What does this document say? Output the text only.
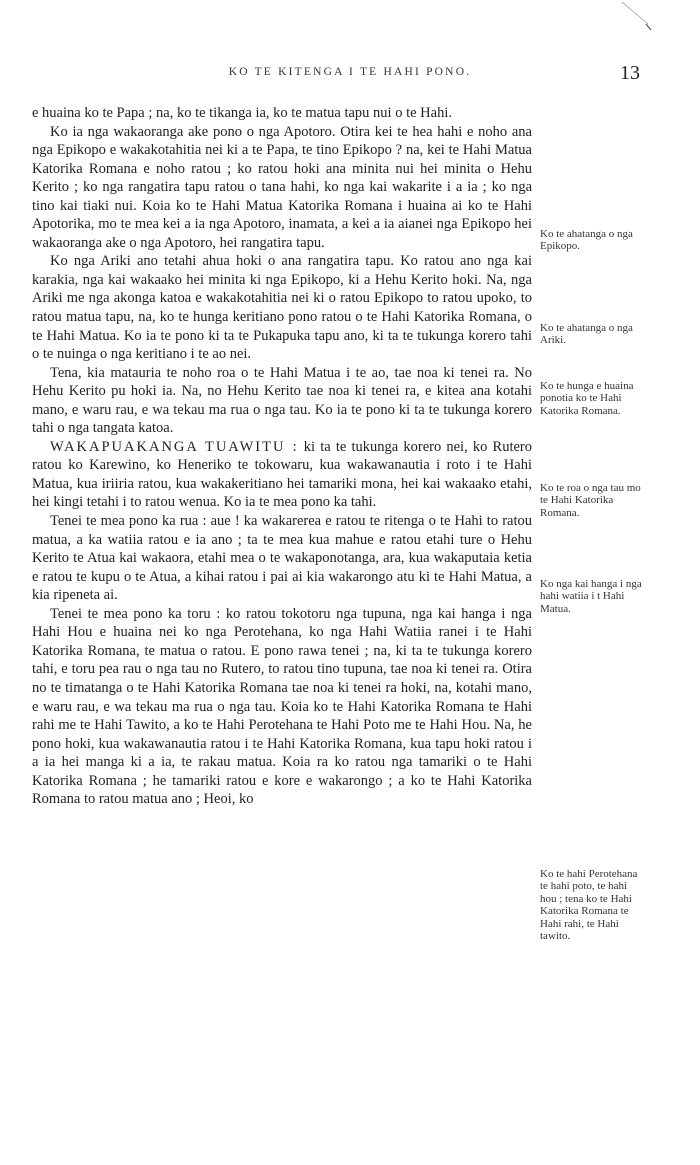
KO TE KITENGA I TE HAHI PONO.	13

e huaina ko te Papa ; na, ko te tikanga ia, ko te matua tapu nui o te Hahi.

Ko ia nga wakaoranga ake pono o nga Apotoro. Otira kei te hea hahi e noho ana nga Epikopo e wakakotahitia nei ki a te Papa, te tino Epikopo ? na, kei te Hahi Matua Katorika Romana e noho ratou ; ko ratou hoki ana minita nui hei minita o Hehu Kerito ; ko nga rangatira tapu ratou o tana hahi, ko nga kai wakarite i a ia ; ko nga tino kai tiaki nui. Koia ko te Hahi Matua Katorika Romana i huaina ai ko te Hahi Apotorika, mo te mea kei a ia nga Apotoro, inamata, a kei a ia aianei nga Epikopo hei wakaoranga ake o nga Apotoro, hei rangatira tapu.

Ko nga Ariki ano tetahi ahua hoki o ana rangatira tapu. Ko ratou ano nga kai karakia, nga kai wakaako hei minita ki nga Epikopo, ki a Hehu Kerito hoki. Na, nga Ariki me nga akonga katoa e wakakotahitia nei ki o ratou Epikopo to ratou upoko, to ratou matua tapu, na, ko te hunga keritiano pono ratou o te Hahi Katorika Romana, o te Hahi Matua. Ko ia te pono ki ta te Pukapuka tapu ano, ki ta te tukunga korero tahi o te nuinga o nga keritiano i te ao nei.

Tena, kia matauria te noho roa o te Hahi Matua i te ao, tae noa ki tenei ra. No Hehu Kerito pu hoki ia. Na, no Hehu Kerito tae noa ki tenei ra, e kitea ana kotahi mano, e waru rau, e wa tekau ma rua o nga tau. Ko ia te pono ki ta te tukunga korero tahi o nga tangata katoa.

WAKAPUAKANGA TUAWITU : ki ta te tukunga korero nei, ko Rutero ratou ko Karewino, ko Heneriko te tokowaru, kua wakawanautia i roto i te Hahi Matua, kua iriiria ratou, kua wakakeritiano hei tamariki mona, hei kai wakaako etahi, hei kingi tetahi i to ratou wenua. Ko ia te mea pono ka tahi.

Tenei te mea pono ka rua : aue ! ka wakarerea e ratou te ritenga o te Hahi to ratou matua, a ka watiia ratou e ia ano ; ta te mea kua mahue e ratou etahi ture o Hehu Kerito te Atua kai wakaora, etahi mea o te wakaponotanga, ara, kua wakaputaia ketia e ratou te kupu o te Atua, a kihai ratou i pai ai kia wakarongo atu ki te Hahi Matua, a kia ripeneta ai.

Tenei te mea pono ka toru : ko ratou tokotoru nga tupuna, nga kai hanga i nga Hahi Hou e huaina nei ko nga Perotehana, ko nga Hahi Watiia ranei i te Hahi Katorika Romana, te matua o ratou. E pono rawa tenei ; na, ki ta te tukunga korero tahi, e toru pea rau o nga tau no Rutero, to ratou tino tupuna, tae noa ki tenei ra. Otira no te timatanga o te Hahi Katorika Romana tae noa ki tenei ra hoki, na, kotahi mano, e waru rau, e wa tekau ma rua o nga tau. Koia ko te Hahi Katorika Romana te Hahi rahi me te Hahi Tawito, a ko te Hahi Perotehana te Hahi Poto me te Hahi Hou. Na, he pono hoki, kua wakawanautia ratou i te Hahi Katorika Romana, kua tapu hoki ratou i a ia hei manga ki a ia, te rakau matua. Koia ra ko ratou nga tamariki o te Hahi Katorika Romana ; he tamariki ratou e kore e wakarongo ; a ko te Hahi Katorika Romana to ratou matua ano ; Heoi, ko

Ko te ahatanga o nga Epikopo.
Ko te ahatanga o nga Ariki.
Ko te hunga e huaina ponotia ko te Hahi Katorika Romana.
Ko te roa o nga tau mo te Hahi Katorika Romana.
Ko nga kai hanga i nga hahi watiia i t Hahi Matua.
Ko te hahi Perotehana te hahi poto, te hahi hou ; tena ko te Hahi Katorika Romana te Hahi rahi, te Hahi tawito.
